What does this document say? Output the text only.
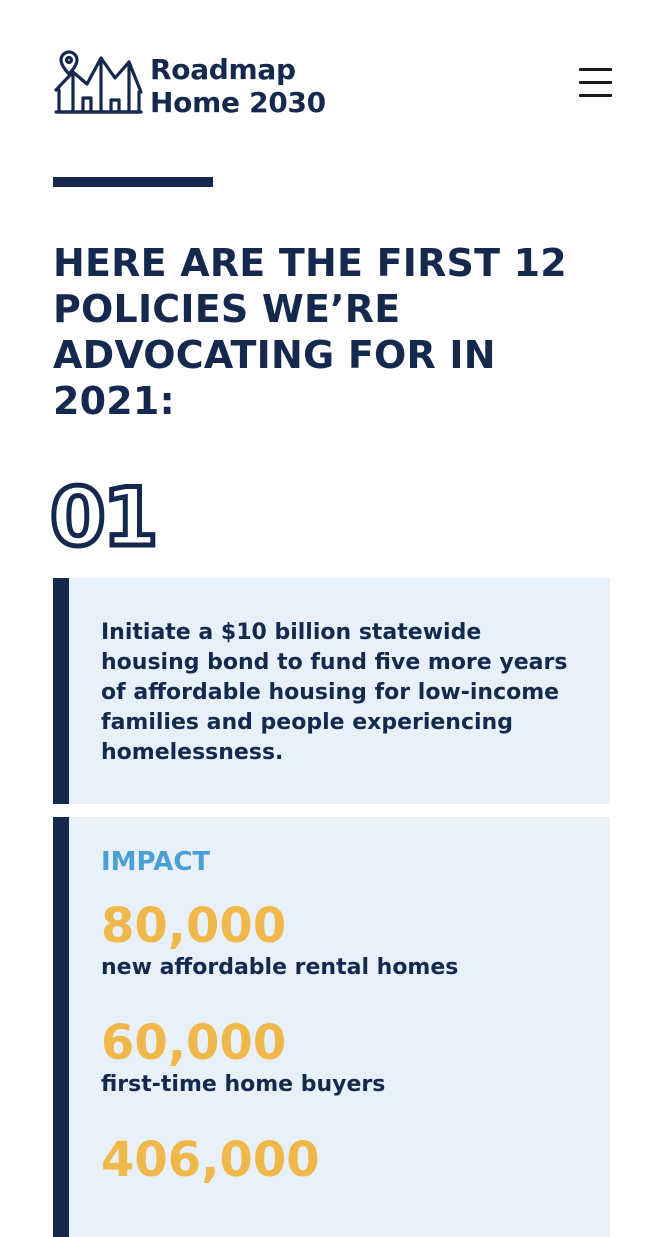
Roadmap
Home 2030
HERE ARE THE FIRST 12 POLICIES WE’RE ADVOCATING FOR IN 2021:
01

Initiate a $10 billion statewide housing bond to fund five more years of affordable housing for low-income families and people experiencing homelessness.

IMPACT
80,000
new affordable rental homes
60,000
first-time home buyers
406,000
